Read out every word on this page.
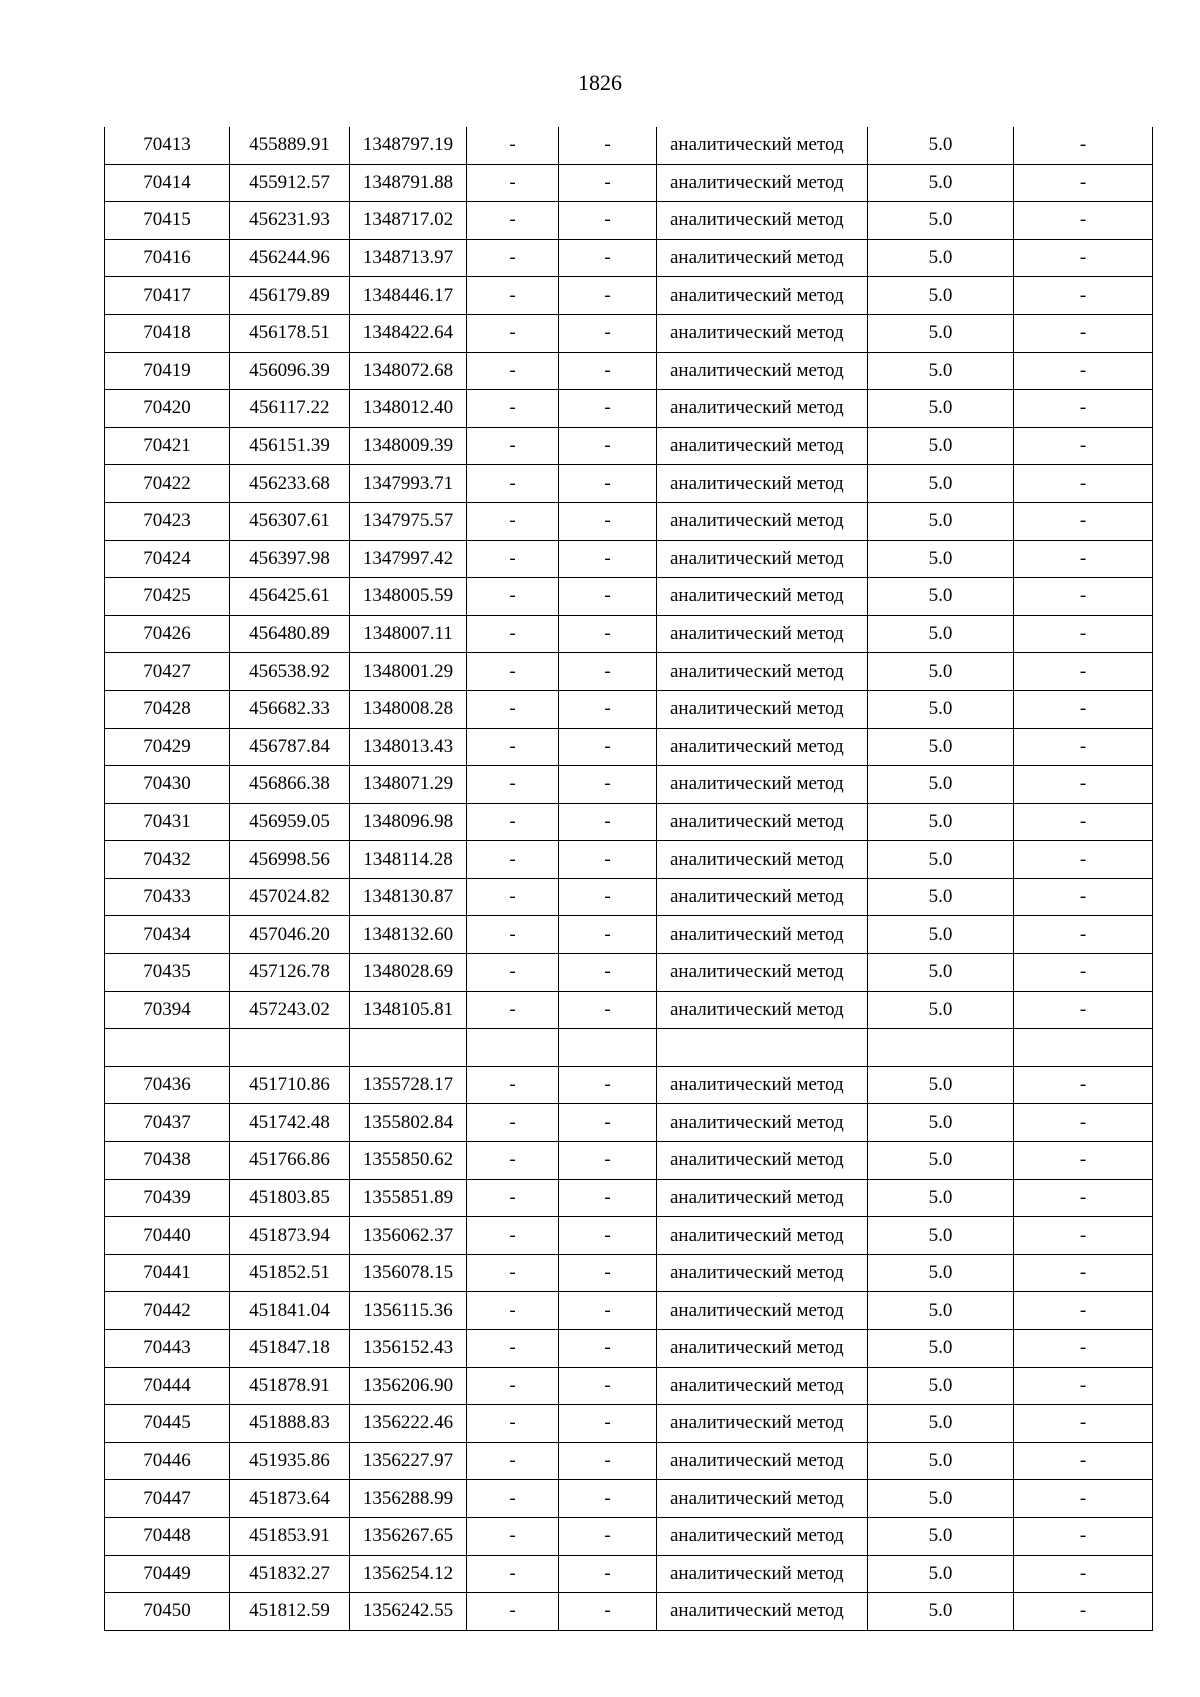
1826
70413	455889.91	1348797.19	-	-	аналитический метод	5.0	-
70414	455912.57	1348791.88	-	-	аналитический метод	5.0	-
70415	456231.93	1348717.02	-	-	аналитический метод	5.0	-
70416	456244.96	1348713.97	-	-	аналитический метод	5.0	-
70417	456179.89	1348446.17	-	-	аналитический метод	5.0	-
70418	456178.51	1348422.64	-	-	аналитический метод	5.0	-
70419	456096.39	1348072.68	-	-	аналитический метод	5.0	-
70420	456117.22	1348012.40	-	-	аналитический метод	5.0	-
70421	456151.39	1348009.39	-	-	аналитический метод	5.0	-
70422	456233.68	1347993.71	-	-	аналитический метод	5.0	-
70423	456307.61	1347975.57	-	-	аналитический метод	5.0	-
70424	456397.98	1347997.42	-	-	аналитический метод	5.0	-
70425	456425.61	1348005.59	-	-	аналитический метод	5.0	-
70426	456480.89	1348007.11	-	-	аналитический метод	5.0	-
70427	456538.92	1348001.29	-	-	аналитический метод	5.0	-
70428	456682.33	1348008.28	-	-	аналитический метод	5.0	-
70429	456787.84	1348013.43	-	-	аналитический метод	5.0	-
70430	456866.38	1348071.29	-	-	аналитический метод	5.0	-
70431	456959.05	1348096.98	-	-	аналитический метод	5.0	-
70432	456998.56	1348114.28	-	-	аналитический метод	5.0	-
70433	457024.82	1348130.87	-	-	аналитический метод	5.0	-
70434	457046.20	1348132.60	-	-	аналитический метод	5.0	-
70435	457126.78	1348028.69	-	-	аналитический метод	5.0	-
70394	457243.02	1348105.81	-	-	аналитический метод	5.0	-

70436	451710.86	1355728.17	-	-	аналитический метод	5.0	-
70437	451742.48	1355802.84	-	-	аналитический метод	5.0	-
70438	451766.86	1355850.62	-	-	аналитический метод	5.0	-
70439	451803.85	1355851.89	-	-	аналитический метод	5.0	-
70440	451873.94	1356062.37	-	-	аналитический метод	5.0	-
70441	451852.51	1356078.15	-	-	аналитический метод	5.0	-
70442	451841.04	1356115.36	-	-	аналитический метод	5.0	-
70443	451847.18	1356152.43	-	-	аналитический метод	5.0	-
70444	451878.91	1356206.90	-	-	аналитический метод	5.0	-
70445	451888.83	1356222.46	-	-	аналитический метод	5.0	-
70446	451935.86	1356227.97	-	-	аналитический метод	5.0	-
70447	451873.64	1356288.99	-	-	аналитический метод	5.0	-
70448	451853.91	1356267.65	-	-	аналитический метод	5.0	-
70449	451832.27	1356254.12	-	-	аналитический метод	5.0	-
70450	451812.59	1356242.55	-	-	аналитический метод	5.0	-
